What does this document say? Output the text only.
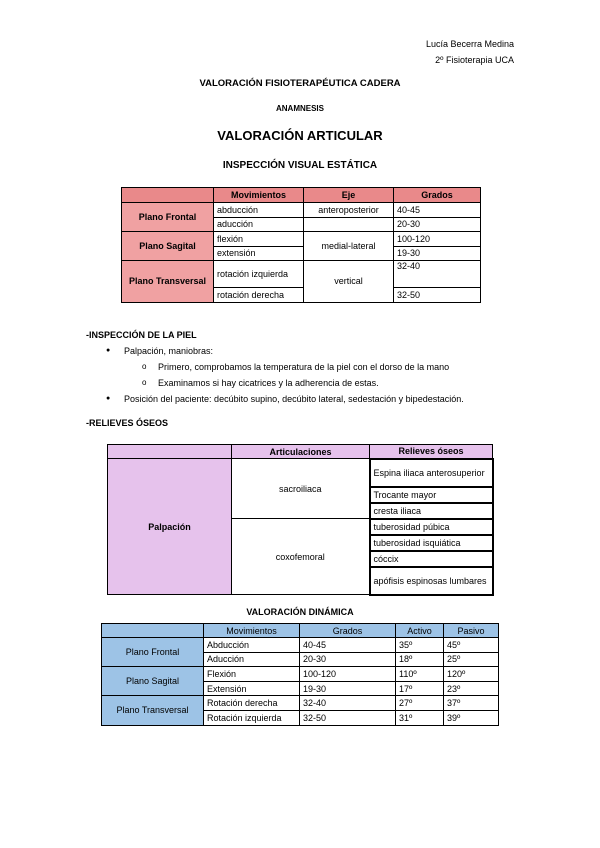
Lucía Becerra Medina
2º Fisioterapia UCA
VALORACIÓN FISIOTERAPÉUTICA CADERA
ANAMNESIS
VALORACIÓN ARTICULAR
INSPECCIÓN VISUAL ESTÁTICA
	Movimientos	Eje	Grados
Plano Frontal	abducción	anteroposterior	40-45
	aducción		20-30
Plano Sagital	flexión	medial-lateral	100-120
	extensión		19-30
Plano Transversal	rotación izquierda	vertical	32-40
	rotación derecha		32-50
-INSPECCIÓN DE LA PIEL
● Palpación, maniobras:
o Primero, comprobamos la temperatura de la piel con el dorso de la mano
o Examinamos si hay cicatrices y la adherencia de estas.
● Posición del paciente: decúbito supino, decúbito lateral, sedestación y bipedestación.
-RELIEVES ÓSEOS
	Articulaciones	Relieves óseos
Palpación	sacroiliaca	Espina iliaca anterosuperior
		Trocante mayor
		cresta iliaca
	coxofemoral	tuberosidad púbica
		tuberosidad isquiática
		cóccix
		apófisis espinosas lumbares
VALORACIÓN DINÁMICA
	Movimientos	Grados	Activo	Pasivo
Plano Frontal	Abducción	40-45	35º	45º
	Aducción	20-30	18º	25º
Plano Sagital	Flexión	100-120	110º	120º
	Extensión	19-30	17º	23º
Plano Transversal	Rotación derecha	32-40	27º	37º
	Rotación izquierda	32-50	31º	39º
